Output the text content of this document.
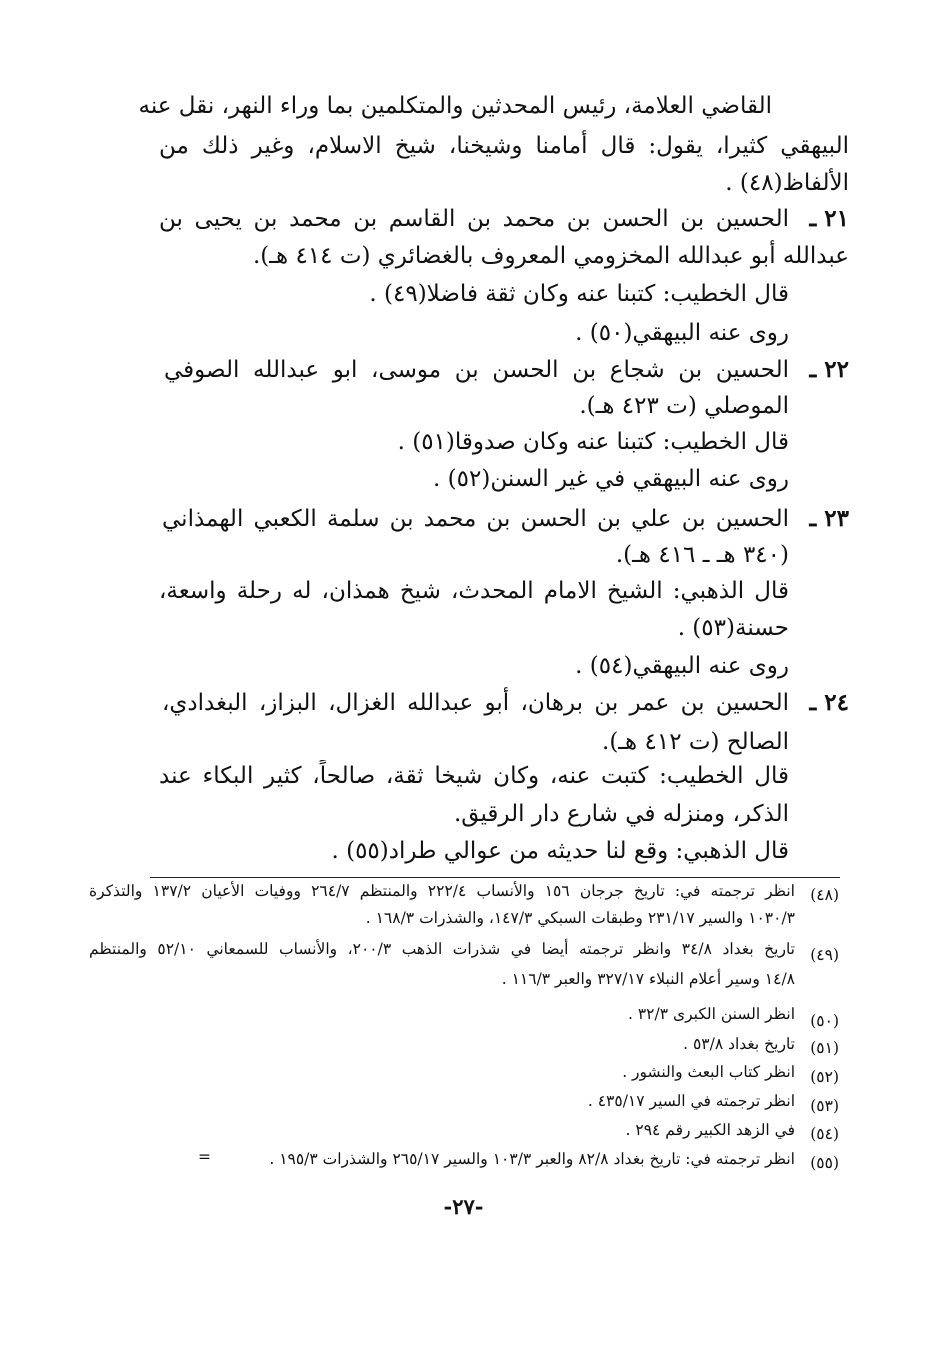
القاضي العلامة، رئيس المحدثين والمتكلمين بما وراء النهر، نقل عنه
البيهقي كثيرا، يقول: قال أمامنا وشيخنا، شيخ الاسلام، وغير ذلك من
الألفاظ(٤٨) .
٢١ ـ
الحسين بن الحسن بن محمد بن القاسم بن محمد بن يحيى بن
عبدالله أبو عبدالله المخزومي المعروف بالغضائري (ت ٤١٤ هـ).
قال الخطيب: كتبنا عنه وكان ثقة فاضلا(٤٩) .
روى عنه البيهقي(٥٠) .
٢٢ ـ
الحسين بن شجاع بن الحسن بن موسى، ابو عبدالله الصوفي
الموصلي (ت ٤٢٣ هـ).
قال الخطيب: كتبنا عنه وكان صدوقا(٥١) .
روى عنه البيهقي في غير السنن(٥٢) .
٢٣ ـ
الحسين بن علي بن الحسن بن محمد بن سلمة الكعبي الهمذاني
(٣٤٠ هـ ـ ٤١٦ هـ).
قال الذهبي: الشيخ الامام المحدث، شيخ همذان، له رحلة واسعة،
حسنة(٥٣) .
روى عنه البيهقي(٥٤) .
٢٤ ـ
الحسين بن عمر بن برهان، أبو عبدالله الغزال، البزاز، البغدادي،
الصالح (ت ٤١٢ هـ).
قال الخطيب: كتبت عنه، وكان شيخا ثقة، صالحاً، كثير البكاء عند
الذكر، ومنزله في شارع دار الرقيق.
قال الذهبي: وقع لنا حديثه من عوالي طراد(٥٥) .
(٤٨)
انظر ترجمته في: تاريخ جرجان ١٥٦ والأنساب ٢٢٢/٤ والمنتظم ٢٦٤/٧ ووفيات الأعيان ١٣٧/٢ والتذكرة
١٠٣٠/٣ والسير ٢٣١/١٧ وطبقات السبكي ١٤٧/٣، والشذرات ١٦٨/٣ .
(٤٩)
تاريخ بغداد ٣٤/٨ وانظر ترجمته أيضا في شذرات الذهب ٢٠٠/٣، والأنساب للسمعاني ٥٢/١٠ والمنتظم
١٤/٨ وسير أعلام النبلاء ٣٢٧/١٧ والعبر ١١٦/٣ .
(٥٠)
انظر السنن الكبرى ٣٢/٣ .
(٥١)
تاريخ بغداد ٥٣/٨ .
(٥٢)
انظر كتاب البعث والنشور .
(٥٣)
انظر ترجمته في السير ٤٣٥/١٧ .
(٥٤)
في الزهد الكبير رقم ٢٩٤ .
(٥٥)
انظر ترجمته في: تاريخ بغداد ٨٢/٨ والعبر ١٠٣/٣ والسير ٢٦٥/١٧ والشذرات ١٩٥/٣ .
=
-٢٧-
